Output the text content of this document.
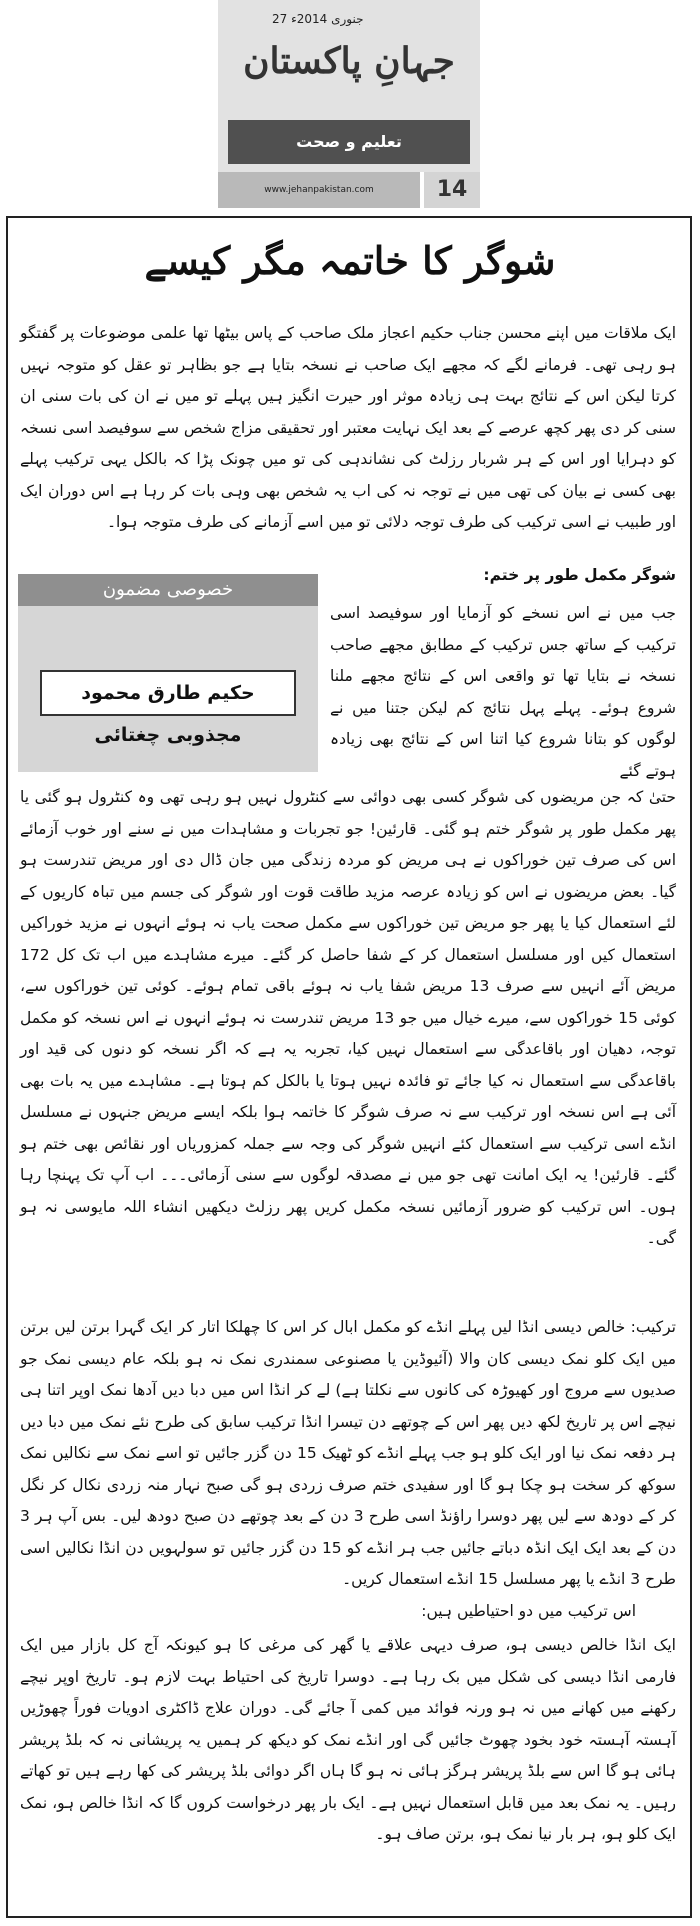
27 جنوری 2014ء
جہانِ پاکستان
تعلیم و صحت
www.jehanpakistan.com	14
شوگر کا خاتمہ مگر کیسے
ایک ملاقات میں اپنے محسن جناب حکیم اعجاز ملک صاحب کے پاس بیٹھا تھا علمی موضوعات پر گفتگو ہو رہی تھی۔ فرمانے لگے کہ مجھے ایک صاحب نے نسخہ بتایا ہے جو بظاہر تو عقل کو متوجہ نہیں کرتا لیکن اس کے نتائج بہت ہی زیادہ موثر اور حیرت انگیز ہیں پہلے تو میں نے ان کی بات سنی ان سنی کر دی پھر کچھ عرصے کے بعد ایک نہایت معتبر اور تحقیقی مزاج شخص سے سوفیصد اسی نسخہ کو دہرایا اور اس کے ہر شربار رزلٹ کی نشاندہی کی تو میں چونک پڑا کہ بالکل یہی ترکیب پہلے بھی کسی نے بیان کی تھی میں نے توجہ نہ کی اب یہ شخص بھی وہی بات کر رہا ہے اس دوران ایک اور طبیب نے اسی ترکیب کی طرف توجہ دلائی تو میں اسے آزمانے کی طرف متوجہ ہوا۔
شوگر مکمل طور پر ختم:
خصوصی مضمون
حکیم طارق محمود مجذوبی چغتائی
جب میں نے اس نسخے کو آزمایا اور سوفیصد اسی ترکیب کے ساتھ جس ترکیب کے مطابق مجھے صاحب نسخہ نے بتایا تھا تو واقعی اس کے نتائج مجھے ملنا شروع ہوئے۔ پہلے پہل نتائج کم لیکن جتنا میں نے لوگوں کو بتانا شروع کیا اتنا اس کے نتائج بھی زیادہ ہوتے گئے
حتیٰ کہ جن مریضوں کی شوگر کسی بھی دوائی سے کنٹرول نہیں ہو رہی تھی وہ کنٹرول ہو گئی یا پھر مکمل طور پر شوگر ختم ہو گئی۔ قارئین! جو تجربات و مشاہدات میں نے سنے اور خوب آزمائے اس کی صرف تین خوراکوں نے ہی مریض کو مردہ زندگی میں جان ڈال دی اور مریض تندرست ہو گیا۔ بعض مریضوں نے اس کو زیادہ عرصہ مزید طاقت قوت اور شوگر کی جسم میں تباہ کاریوں کے لئے استعمال کیا یا پھر جو مریض تین خوراکوں سے مکمل صحت یاب نہ ہوئے انہوں نے مزید خوراکیں استعمال کیں اور مسلسل استعمال کر کے شفا حاصل کر گئے۔ میرے مشاہدے میں اب تک کل 172 مریض آئے انہیں سے صرف 13 مریض شفا یاب نہ ہوئے باقی تمام ہوئے۔ کوئی تین خوراکوں سے، کوئی 15 خوراکوں سے، میرے خیال میں جو 13 مریض تندرست نہ ہوئے انہوں نے اس نسخہ کو مکمل توجہ، دھیان اور باقاعدگی سے استعمال نہیں کیا، تجربہ یہ ہے کہ اگر نسخہ کو دنوں کی قید اور باقاعدگی سے استعمال نہ کیا جائے تو فائدہ نہیں ہوتا یا بالکل کم ہوتا ہے۔ مشاہدے میں یہ بات بھی آئی ہے اس نسخہ اور ترکیب سے نہ صرف شوگر کا خاتمہ ہوا بلکہ ایسے مریض جنہوں نے مسلسل انڈے اسی ترکیب سے استعمال کئے انہیں شوگر کی وجہ سے جملہ کمزوریاں اور نقائص بھی ختم ہو گئے۔ قارئین! یہ ایک امانت تھی جو میں نے مصدقہ لوگوں سے سنی آزمائی۔۔۔ اب آپ تک پہنچا رہا ہوں۔ اس ترکیب کو ضرور آزمائیں نسخہ مکمل کریں پھر رزلٹ دیکھیں انشاء اللہ مایوسی نہ ہو گی۔
ترکیب: خالص دیسی انڈا لیں پہلے انڈے کو مکمل ابال کر اس کا چھلکا اتار کر ایک گہرا برتن لیں برتن میں ایک کلو نمک دیسی کان والا (آئیوڈین یا مصنوعی سمندری نمک نہ ہو بلکہ عام دیسی نمک جو صدیوں سے مروج اور کھیوڑہ کی کانوں سے نکلتا ہے) لے کر انڈا اس میں دبا دیں آدھا نمک اوپر اتنا ہی نیچے اس پر تاریخ لکھ دیں پھر اس کے چوتھے دن تیسرا انڈا ترکیب سابق کی طرح نئے نمک میں دبا دیں ہر دفعہ نمک نیا اور ایک کلو ہو جب پہلے انڈے کو ٹھیک 15 دن گزر جائیں تو اسے نمک سے نکالیں نمک سوکھ کر سخت ہو چکا ہو گا اور سفیدی ختم صرف زردی ہو گی صبح نہار منہ زردی نکال کر نگل کر کے دودھ سے لیں پھر دوسرا راؤنڈ اسی طرح 3 دن کے بعد چوتھے دن صبح دودھ لیں۔ بس آپ ہر 3 دن کے بعد ایک ایک انڈہ دباتے جائیں جب ہر انڈے کو 15 دن گزر جائیں تو سولہویں دن انڈا نکالیں اسی طرح 3 انڈے یا پھر مسلسل 15 انڈے استعمال کریں۔
اس ترکیب میں دو احتیاطیں ہیں:
ایک انڈا خالص دیسی ہو، صرف دیہی علاقے یا گھر کی مرغی کا ہو کیونکہ آج کل بازار میں ایک فارمی انڈا دیسی کی شکل میں بک رہا ہے۔ دوسرا تاریخ کی احتیاط بہت لازم ہو۔ تاریخ اوپر نیچے رکھنے میں کھانے میں نہ ہو ورنہ فوائد میں کمی آ جائے گی۔ دوران علاج ڈاکٹری ادویات فوراً چھوڑیں آہستہ آہستہ خود بخود چھوٹ جائیں گی اور انڈے نمک کو دیکھ کر ہمیں یہ پریشانی نہ کہ بلڈ پریشر ہائی ہو گا اس سے بلڈ پریشر ہرگز ہائی نہ ہو گا ہاں اگر دوائی بلڈ پریشر کی کھا رہے ہیں تو کھاتے رہیں۔ یہ نمک بعد میں قابل استعمال نہیں ہے۔ ایک بار پھر درخواست کروں گا کہ انڈا خالص ہو، نمک ایک کلو ہو، ہر بار نیا نمک ہو، برتن صاف ہو۔
